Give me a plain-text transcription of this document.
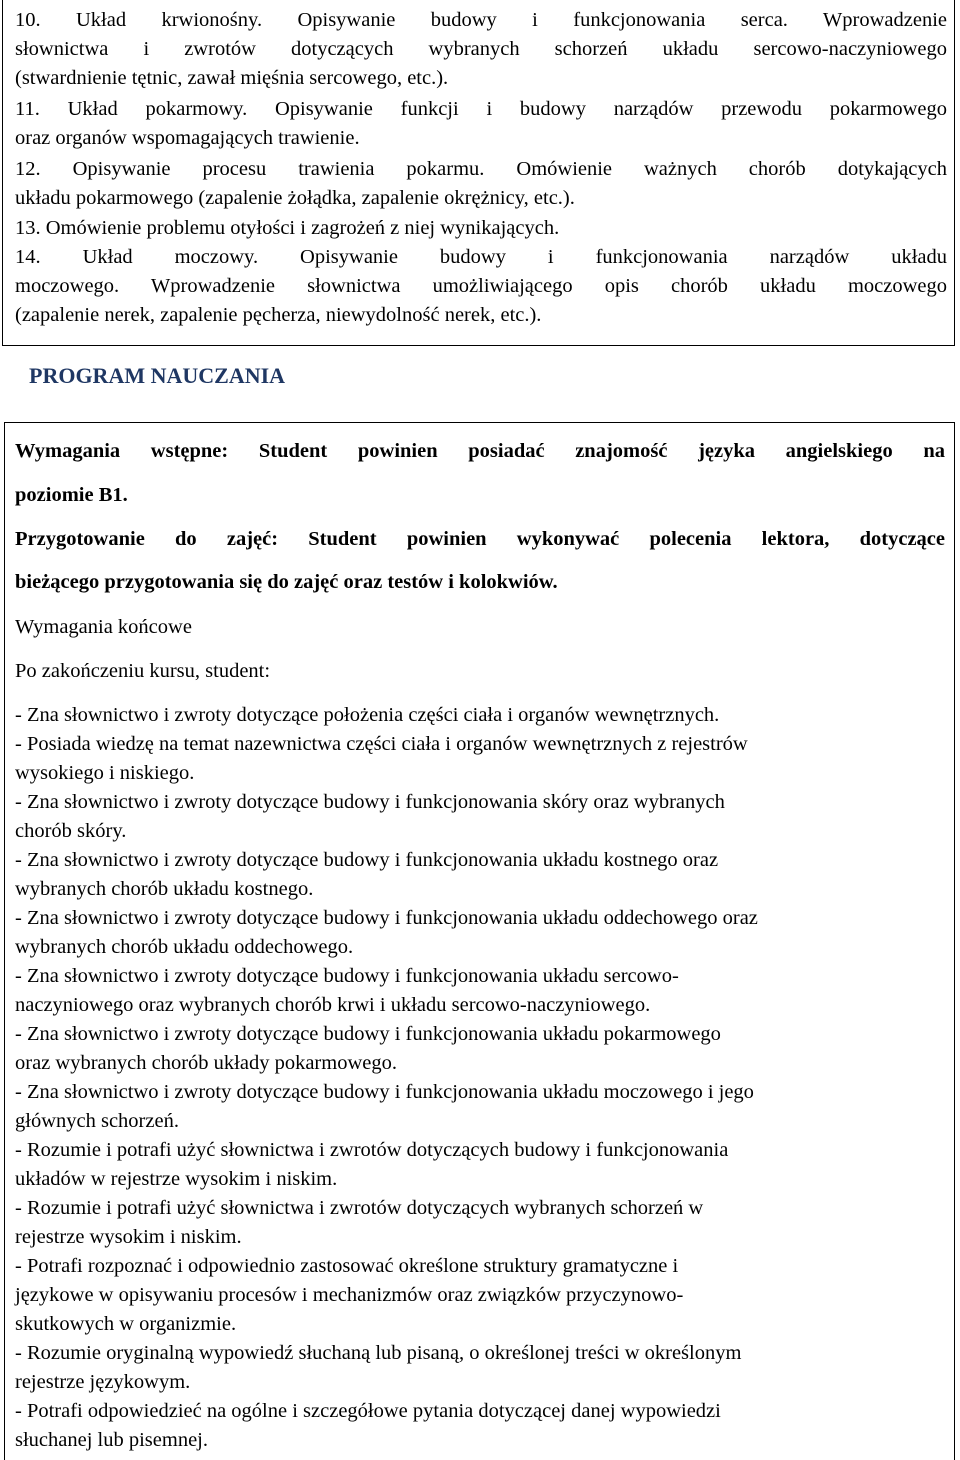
10. Układ krwionośny. Opisywanie budowy i funkcjonowania serca. Wprowadzenie
słownictwa i zwrotów dotyczących wybranych schorzeń układu sercowo-naczyniowego
(stwardnienie tętnic, zawał mięśnia sercowego, etc.).
11. Układ pokarmowy. Opisywanie funkcji i budowy narządów przewodu pokarmowego
oraz organów wspomagających trawienie.
12. Opisywanie procesu trawienia pokarmu. Omówienie ważnych chorób dotykających
układu pokarmowego (zapalenie żołądka, zapalenie okrężnicy, etc.).
13. Omówienie problemu otyłości i zagrożeń z niej wynikających.
14. Układ moczowy. Opisywanie budowy i funkcjonowania narządów układu
moczowego. Wprowadzenie słownictwa umożliwiającego opis chorób układu moczowego
(zapalenie nerek, zapalenie pęcherza, niewydolność nerek, etc.).
PROGRAM NAUCZANIA
Wymagania wstępne: Student powinien posiadać znajomość języka angielskiego na
poziomie B1.
Przygotowanie do zajęć: Student powinien wykonywać polecenia lektora, dotyczące
bieżącego przygotowania się do zajęć oraz testów i kolokwiów.
Wymagania końcowe
Po zakończeniu kursu, student:
- Zna słownictwo i zwroty dotyczące położenia części ciała i organów wewnętrznych.
- Posiada wiedzę na temat nazewnictwa części ciała i organów wewnętrznych z rejestrów
wysokiego i niskiego.
- Zna słownictwo i zwroty dotyczące budowy i funkcjonowania skóry oraz wybranych
chorób skóry.
- Zna słownictwo i zwroty dotyczące budowy i funkcjonowania układu kostnego oraz
wybranych chorób układu kostnego.
- Zna słownictwo i zwroty dotyczące budowy i funkcjonowania układu oddechowego oraz
wybranych chorób układu oddechowego.
- Zna słownictwo i zwroty dotyczące budowy i funkcjonowania układu sercowo-
naczyniowego oraz wybranych chorób krwi i układu sercowo-naczyniowego.
- Zna słownictwo i zwroty dotyczące budowy i funkcjonowania układu pokarmowego
oraz wybranych chorób układy pokarmowego.
- Zna słownictwo i zwroty dotyczące budowy i funkcjonowania układu moczowego i jego
głównych schorzeń.
- Rozumie i potrafi użyć słownictwa i zwrotów dotyczących budowy i funkcjonowania
układów w rejestrze wysokim i niskim.
- Rozumie i potrafi użyć słownictwa i zwrotów dotyczących wybranych schorzeń w
rejestrze wysokim i niskim.
- Potrafi rozpoznać i odpowiednio zastosować określone struktury gramatyczne i
językowe w opisywaniu procesów i mechanizmów oraz związków przyczynowo-
skutkowych w organizmie.
- Rozumie oryginalną wypowiedź słuchaną lub pisaną, o określonej treści w określonym
rejestrze językowym.
- Potrafi odpowiedzieć na ogólne i szczegółowe pytania dotyczącej danej wypowiedzi
słuchanej lub pisemnej.
